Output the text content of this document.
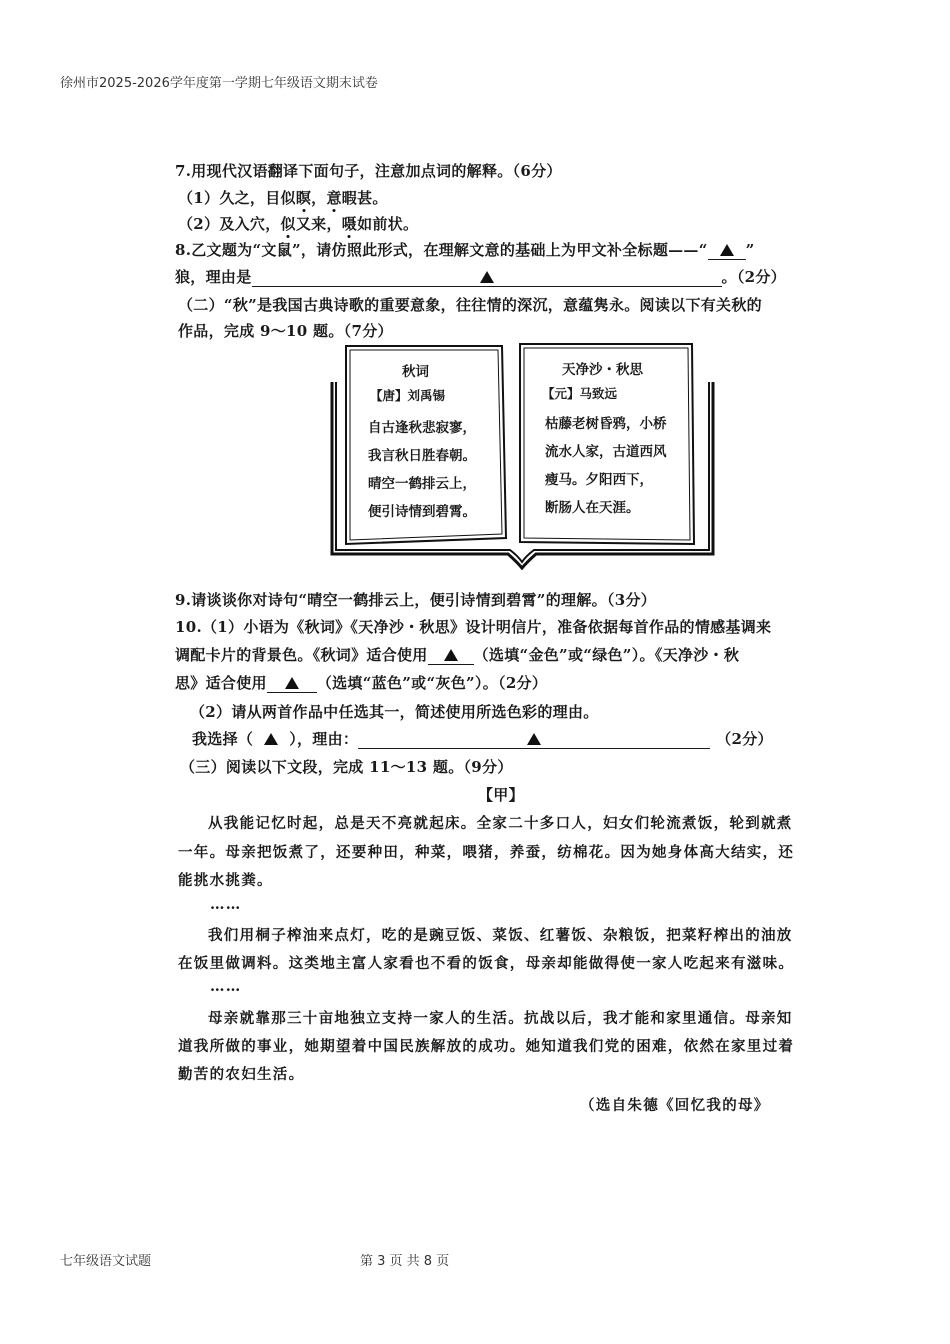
徐州市2025-2026学年度第一学期七年级语文期末试卷
7.用现代汉语翻译下面句子，注意加点词的解释。（6分）
（1）久之，目似瞑，意暇甚。
（2）及入穴，似又来，嗫如前状。
8.乙文题为“文鼠”，请仿照此形式，在理解文意的基础上为甲文补全标题——“	”
狼，理由是	。（2分）
（二）“秋”是我国古典诗歌的重要意象，往往情的深沉，意蕴隽永。阅读以下有关秋的
作品，完成 9～10 题。（7分）
秋词
【唐】刘禹锡
自古逢秋悲寂寥，
我言秋日胜春朝。
晴空一鹤排云上，
便引诗情到碧霄。
天净沙・秋思
【元】马致远
枯藤老树昏鸦，小桥
流水人家，古道西风
瘦马。夕阳西下，
断肠人在天涯。
9.请谈谈你对诗句“晴空一鹤排云上，便引诗情到碧霄”的理解。（3分）
10.（1）小语为《秋词》《天净沙・秋思》设计明信片，准备依据每首作品的情感基调来
调配卡片的背景色。《秋词》适合使用	（选填“金色”或“绿色”）。《天净沙・秋
思》适合使用	（选填“蓝色”或“灰色”）。（2分）
（2）请从两首作品中任选其一，简述使用所选色彩的理由。
我选择（ ），理由：	（2分）
（三）阅读以下文段，完成 11～13 题。（9分）
【甲】
从我能记忆时起，总是天不亮就起床。全家二十多口人，妇女们轮流煮饭，轮到就煮
一年。母亲把饭煮了，还要种田，种菜，喂猪，养蚕，纺棉花。因为她身体高大结实，还
能挑水挑粪。
……
我们用桐子榨油来点灯，吃的是豌豆饭、菜饭、红薯饭、杂粮饭，把菜籽榨出的油放
在饭里做调料。这类地主富人家看也不看的饭食，母亲却能做得使一家人吃起来有滋味。
……
母亲就靠那三十亩地独立支持一家人的生活。抗战以后，我才能和家里通信。母亲知
道我所做的事业，她期望着中国民族解放的成功。她知道我们党的困难，依然在家里过着
勤苦的农妇生活。
（选自朱德《回忆我的母》
七年级语文试题	第 3 页 共 8 页
